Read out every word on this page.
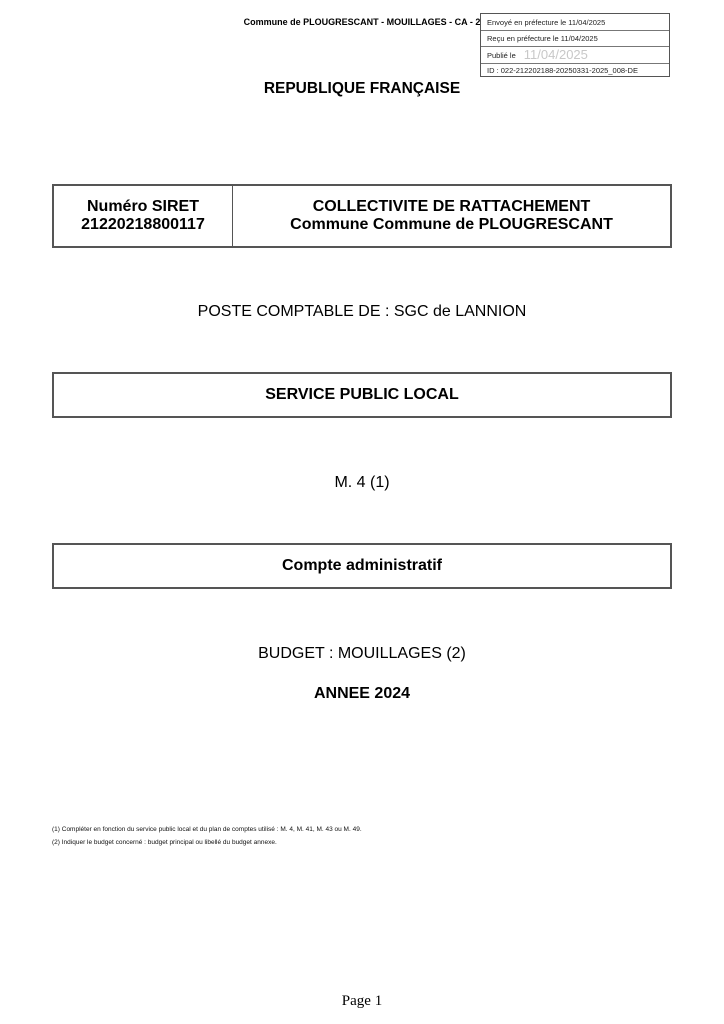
Commune de PLOUGRESCANT - MOUILLAGES - CA - 2 Envoyé en préfecture le 11/04/2025
Reçu en préfecture le 11/04/2025
Publié le 11/04/2025
ID : 022-212202188-20250331-2025_008-DE
REPUBLIQUE FRANÇAISE
Numéro SIRET
21220218800117
COLLECTIVITE DE RATTACHEMENT
Commune Commune de PLOUGRESCANT
POSTE COMPTABLE DE : SGC de LANNION
SERVICE PUBLIC LOCAL
M. 4 (1)
Compte administratif
BUDGET : MOUILLAGES (2)
ANNEE 2024
(1) Compléter en fonction du service public local et du plan de comptes utilisé : M. 4, M. 41, M. 43 ou M. 49.
(2) Indiquer le budget concerné : budget principal ou libellé du budget annexe.
Page 1
